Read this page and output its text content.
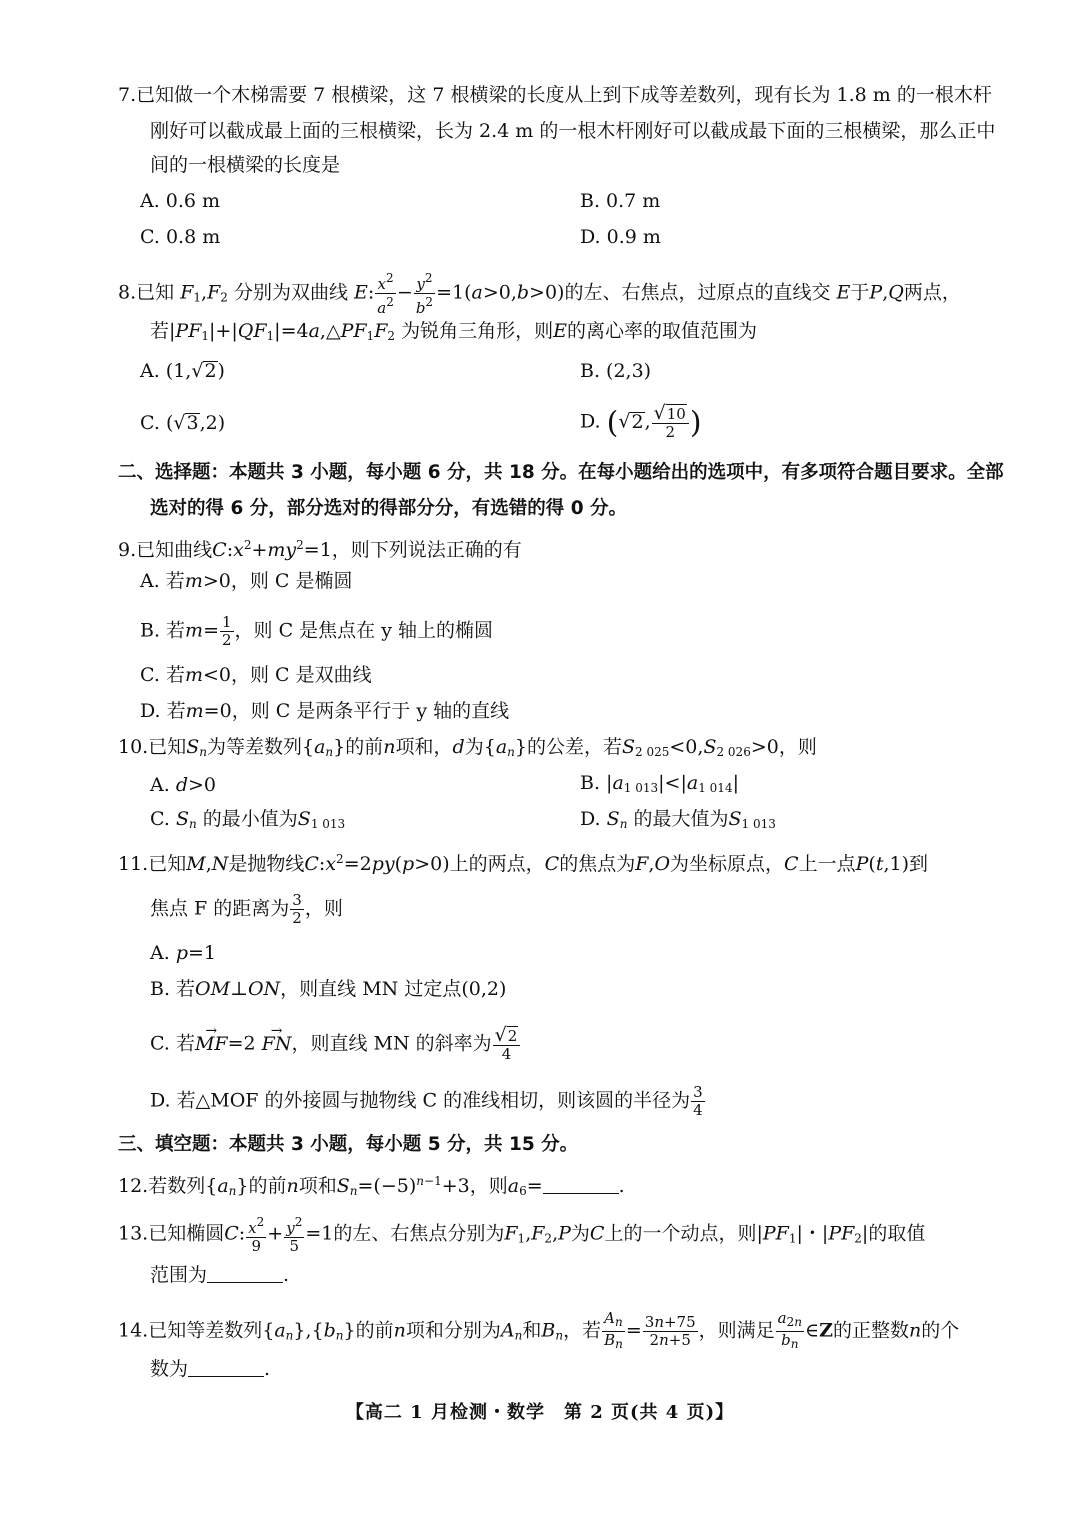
7.已知做一个木梯需要 7 根横梁，这 7 根横梁的长度从上到下成等差数列，现有长为 1.8 m 的一根木杆
刚好可以截成最上面的三根横梁，长为 2.4 m 的一根木杆刚好可以截成最下面的三根横梁，那么正中
间的一根横梁的长度是
A. 0.6 m	B. 0.7 m
C. 0.8 m	D. 0.9 m
8.已知 $F_1,F_2$ 分别为双曲线 E: $\frac{x^2}{a^2} - \frac{y^2}{b^2} =1(a>0,b>0)$的左、右焦点，过原点的直线交 E于P,Q两点，
若$|PF_1|+|QF_1|=4a,\triangle PF_1F_2$ 为锐角三角形，则E的离心率的取值范围为
A. (1,√2)	B. (2,3)
C. (√3,2)	D. (√2, $\frac{√10}{2}$ )
二、选择题：本题共 3 小题，每小题 6 分，共 18 分。在每小题给出的选项中，有多项符合题目要求。全部
选对的得 6 分，部分选对的得部分分，有选错的得 0 分。
9.已知曲线$C:x^2+my^2=1$，则下列说法正确的有
A. 若m>0，则 C 是椭圆
B. 若$m= \frac{1}{2}$ ，则 C 是焦点在 y 轴上的椭圆
C. 若m<0，则 C 是双曲线
D. 若m=0，则 C 是两条平行于 y 轴的直线
10.已知$S_n$为等差数列$\{a_n\}$的前n项和，d为$\{a_n\}$的公差，若$S_{2 025}<0,S_{2 026}>0$，则
A. d>0	B. $|a_{1 013}|<|a_{1 014}|$
C. $S_n$ 的最小值为$S_{1 013}$	D. $S_n$ 的最大值为$S_{1 013}$
11.已知M,N是抛物线$C:x^2=2py(p>0)$上的两点，C的焦点为F,O为坐标原点，C上一点P(t,1)到
焦点 F 的距离为 $\frac{3}{2}$ ，则
A. p=1
B. 若OM⊥ON，则直线 MN 过定点(0,2)
C. 若→ MF=2 → FN，则直线 MN 的斜率为 $\frac{√2}{4}$
D. 若△MOF 的外接圆与抛物线 C 的准线相切，则该圆的半径为 $\frac{3}{4}$
三、填空题：本题共 3 小题，每小题 5 分，共 15 分。
12.若数列$\{a_n\}$的前n项和$S_n=(-5)^{n-1}+3$，则$a_6=$	.
13.已知椭圆C: $\frac{x^2}{9} + \frac{y^2}{5} =1$的左、右焦点分别为$F_1,F_2,P$为C上的一个动点，则$|PF_1|$・$|PF_2|$的取值
范围为	.
14.已知等差数列$\{a_n\},\{b_n\}$的前n项和分别为$A_n$和$B_n$，若 $\frac{A_n}{B_n} = \frac{3n+75}{2n+5}$ ，则满足 $\frac{a_{2n}}{b_n}$ ∈Z的正整数n的个
数为	.
【高二 1 月检测・数学　第 2 页(共 4 页)】
